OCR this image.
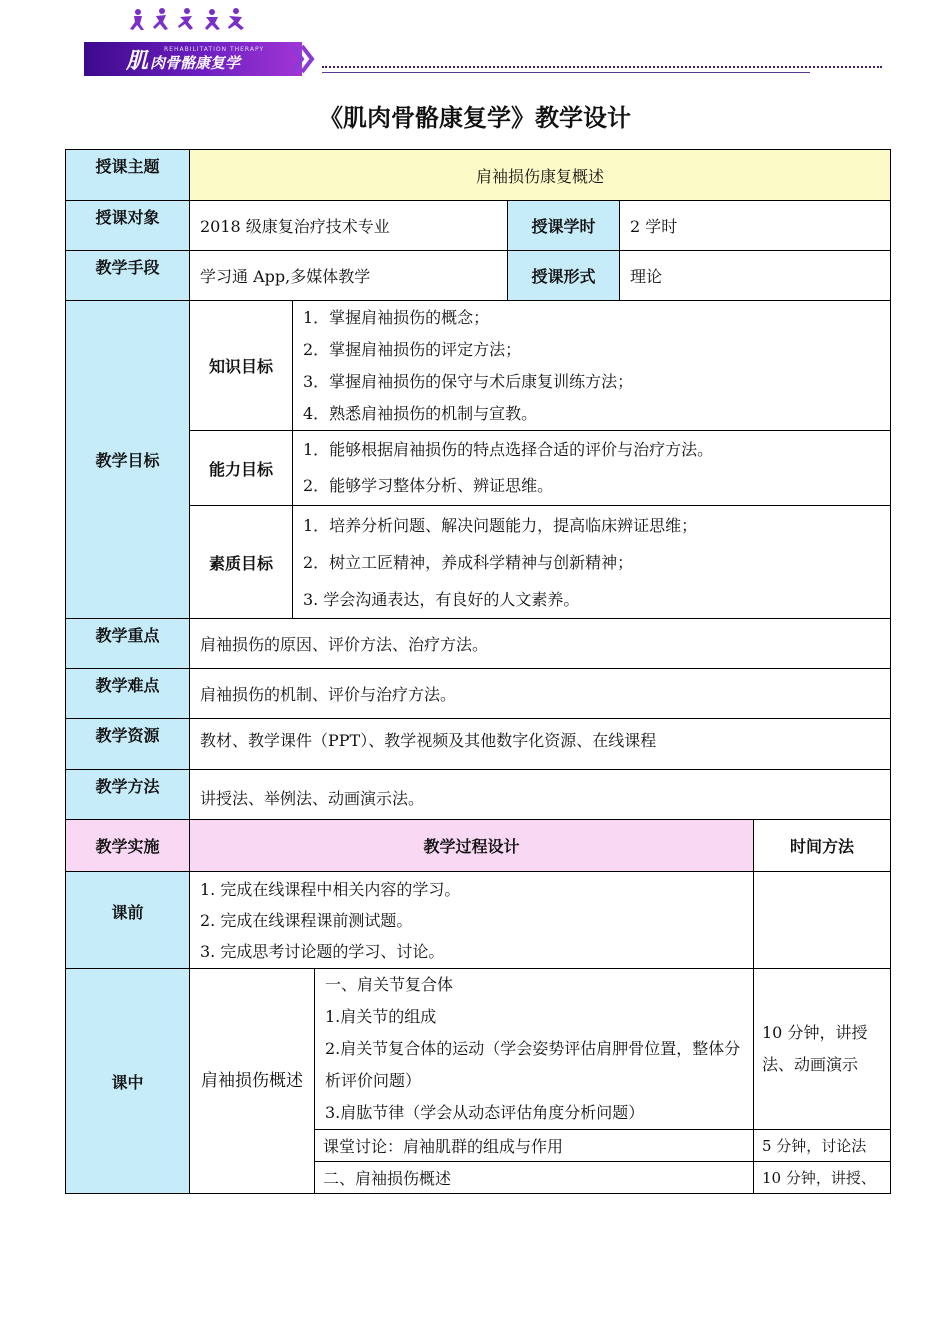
肌 肉骨骼康复学
REHABILITATION THERAPY
《肌肉骨骼康复学》教学设计
授课主题	肩袖损伤康复概述					
授课对象	2018 级康复治疗技术专业			授课学时	2 学时	
教学手段	学习通 App,多媒体教学			授课形式	理论	
教学目标	知识目标	1．掌握肩袖损伤的概念；
2．掌握肩袖损伤的评定方法；
3．掌握肩袖损伤的保守与术后康复训练方法；
4．熟悉肩袖损伤的机制与宣教。				

	能力目标	1．能够根据肩袖损伤的特点选择合适的评价与治疗方法。
2．能够学习整体分析、辨证思维。				

	素质目标	1．培养分析问题、解决问题能力，提高临床辨证思维；
2．树立工匠精神，养成科学精神与创新精神；
3. 学会沟通表达，有良好的人文素养。				

教学重点	肩袖损伤的原因、评价方法、治疗方法。					
教学难点	肩袖损伤的机制、评价与治疗方法。					
教学资源	教材、教学课件（PPT）、教学视频及其他数字化资源、在线课程					
教学方法	讲授法、举例法、动画演示法。					
教学实施	教学过程设计					时间方法
课前	1. 完成在线课程中相关内容的学习。
2. 完成在线课程课前测试题。
3. 完成思考讨论题的学习、讨论。					

课中	肩袖损伤概述		一、肩关节复合体
1.肩关节的组成
2.肩关节复合体的运动（学会姿势评估肩胛骨位置，整体分析评价问题）
3.肩肱节律（学会从动态评估角度分析问题）			10 分钟，讲授法、动画演示
			课堂讨论：肩袖肌群的组成与作用			5 分钟，讨论法
			二、肩袖损伤概述			10 分钟，讲授、
